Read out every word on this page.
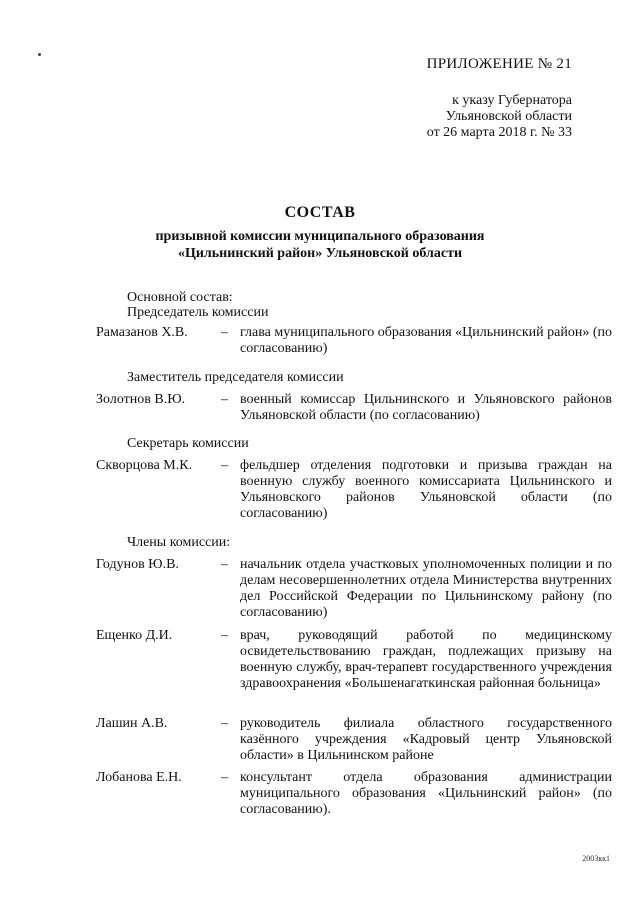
ПРИЛОЖЕНИЕ № 21
к указу Губернатора
Ульяновской области
от 26 марта 2018 г. № 33
СОСТАВ
призывной комиссии муниципального образования «Цильнинский район» Ульяновской области
Основной состав:
Председатель комиссии
Рамазанов Х.В. – глава муниципального образования «Цильнинский район» (по согласованию)
Заместитель председателя комиссии
Золотнов В.Ю.	– военный комиссар Цильнинского и Ульяновского районов Ульяновской области (по согласованию)
Секретарь комиссии
Скворцова М.К. – фельдшер отделения подготовки и призыва граждан на военную службу военного комиссариата Цильнинского и Ульяновского районов Ульяновской области (по согласованию)
Члены комиссии:
Годунов Ю.В.	– начальник отдела участковых уполномоченных полиции и по делам несовершеннолетних отдела Министерства внутренних дел Российской Федерации по Цильнинскому району (по согласованию)
Ещенко Д.И.	– врач, руководящий работой по медицинскому освидетельствованию граждан, подлежащих призыву на военную службу, врач-терапевт государственного учреждения здравоохранения «Большенагаткинская районная больница»
Лашин А.В.	– руководитель филиала областного государственного казённого учреждения «Кадровый центр Ульяновской области» в Цильнинском районе
Лобанова Е.Н.	– консультант отдела образования администрации муниципального образования «Цильнинский район» (по согласованию).
2003кк1
